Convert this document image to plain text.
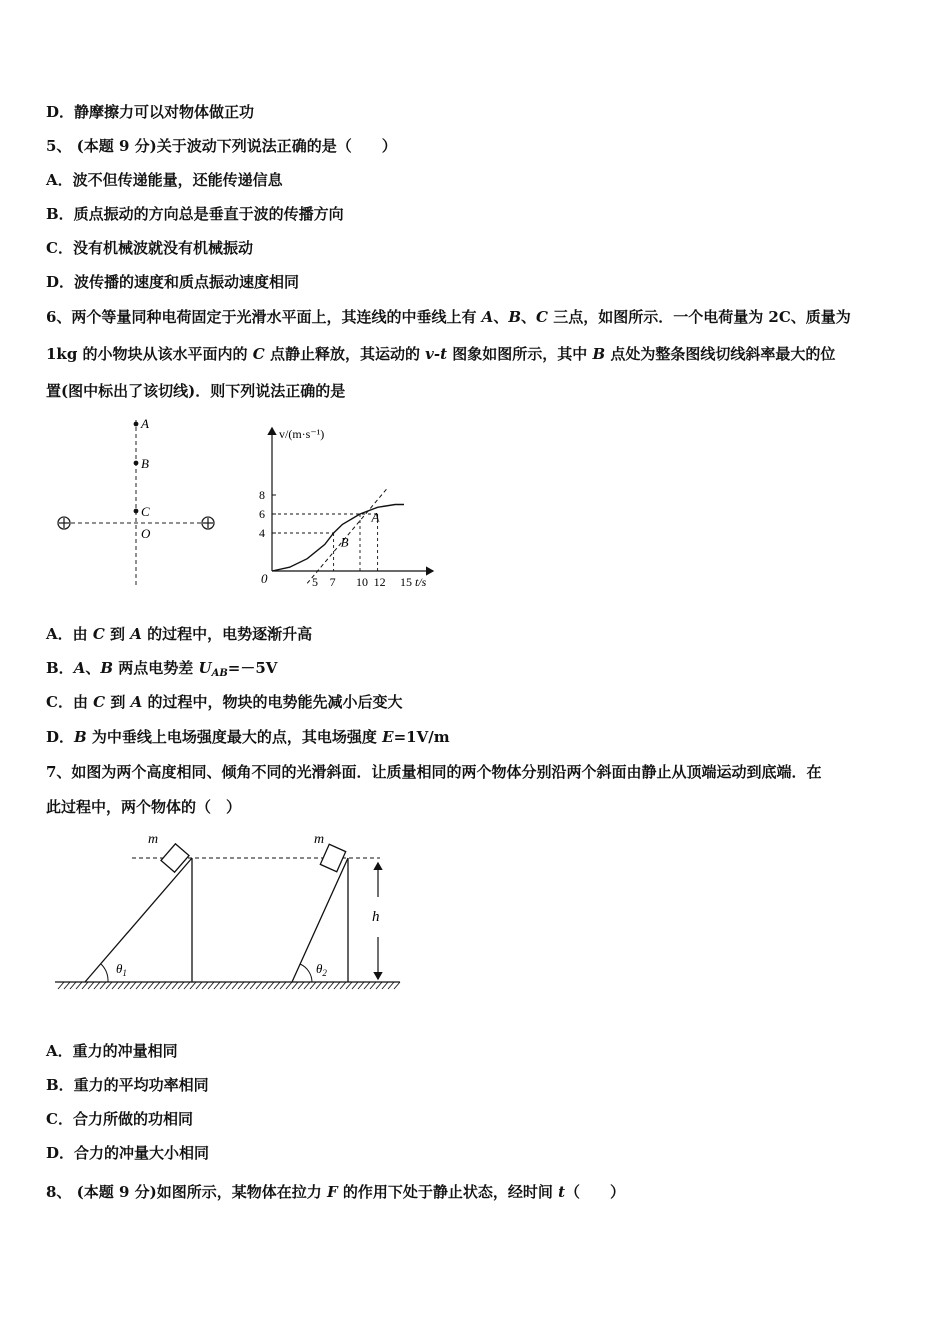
D．静摩擦力可以对物体做正功
5、 (本题 9 分)关于波动下列说法正确的是（　　）
A．波不但传递能量，还能传递信息
B．质点振动的方向总是垂直于波的传播方向
C．没有机械波就没有机械振动
D．波传播的速度和质点振动速度相同
6、两个等量同种电荷固定于光滑水平面上，其连线的中垂线上有 A、B、C 三点，如图所示．一个电荷量为 2C、质量为
1kg 的小物块从该水平面内的 C 点静止释放，其运动的 v-t 图象如图所示，其中 B 点处为整条图线切线斜率最大的位
置(图中标出了该切线)．则下列说法正确的是
A
B
C
O
v/(m·s⁻¹)
t/s
0
8
6
4
5 7 10 12 15
A
B
A．由 C 到 A 的过程中，电势逐渐升高
B．A、B 两点电势差 $U_{AB}=-5V$
C．由 C 到 A 的过程中，物块的电势能先减小后变大
D．B 为中垂线上电场强度最大的点，其电场强度 E=1V/m
7、如图为两个高度相同、倾角不同的光滑斜面．让质量相同的两个物体分别沿两个斜面由静止从顶端运动到底端．在
此过程中，两个物体的（　）
m
$\theta_1$
m
$\theta_2$
h
A．重力的冲量相同
B．重力的平均功率相同
C．合力所做的功相同
D．合力的冲量大小相同
8、 (本题 9 分)如图所示，某物体在拉力 F 的作用下处于静止状态，经时间 t（　　）
